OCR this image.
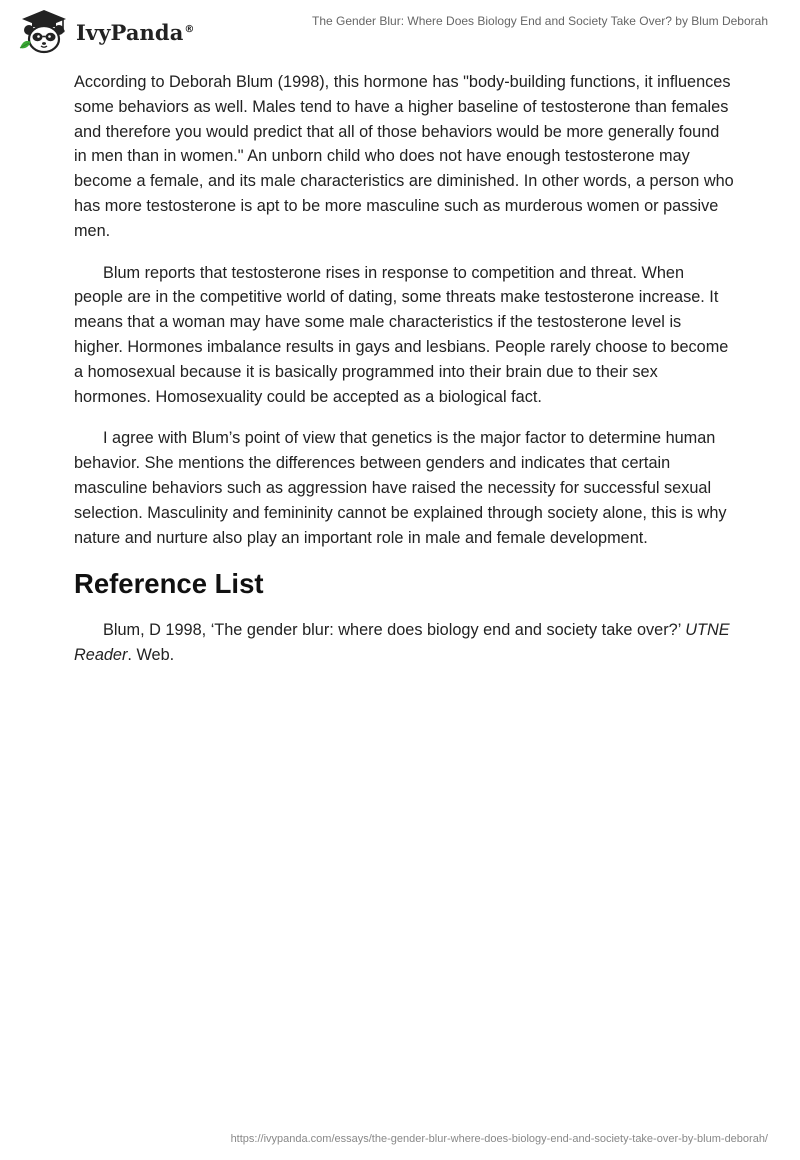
IvyPanda®
The Gender Blur: Where Does Biology End and Society Take Over? by Blum Deborah

According to Deborah Blum (1998), this hormone has "body-building functions, it influences some behaviors as well. Males tend to have a higher baseline of testosterone than females and therefore you would predict that all of those behaviors would be more generally found in men than in women." An unborn child who does not have enough testosterone may become a female, and its male characteristics are diminished. In other words, a person who has more testosterone is apt to be more masculine such as murderous women or passive men.

Blum reports that testosterone rises in response to competition and threat. When people are in the competitive world of dating, some threats make testosterone increase. It means that a woman may have some male characteristics if the testosterone level is higher. Hormones imbalance results in gays and lesbians. People rarely choose to become a homosexual because it is basically programmed into their brain due to their sex hormones. Homosexuality could be accepted as a biological fact.

I agree with Blum’s point of view that genetics is the major factor to determine human behavior. She mentions the differences between genders and indicates that certain masculine behaviors such as aggression have raised the necessity for successful sexual selection. Masculinity and femininity cannot be explained through society alone, this is why nature and nurture also play an important role in male and female development.

Reference List

Blum, D 1998, ‘The gender blur: where does biology end and society take over?’ UTNE Reader. Web.

https://ivypanda.com/essays/the-gender-blur-where-does-biology-end-and-society-take-over-by-blum-deborah/
